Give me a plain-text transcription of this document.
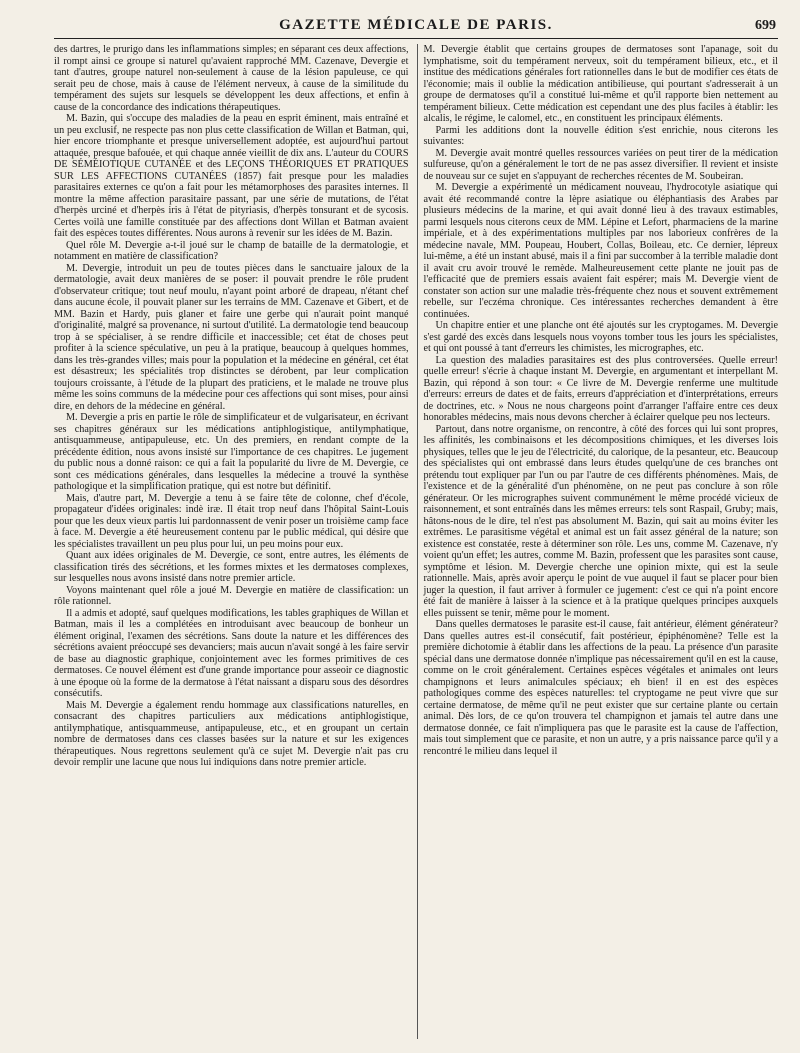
GAZETTE MÉDICALE DE PARIS.	699

des dartres, le prurigo dans les inflammations simples; en séparant ces deux affections, il rompt ainsi ce groupe si naturel qu'avaient rapproché MM. Cazenave, Devergie et tant d'autres, groupe naturel non-seulement à cause de la lésion papuleuse, ce qui serait peu de chose, mais à cause de l'élément nerveux, à cause de la similitude du tempérament des sujets sur lesquels se développent les deux affections, et enfin à cause de la concordance des indications thérapeutiques.

M. Bazin, qui s'occupe des maladies de la peau en esprit éminent, mais entraîné et un peu exclusif, ne respecte pas non plus cette classification de Willan et Batman, qui, hier encore triomphante et presque universellement adoptée, est aujourd'hui partout attaquée, presque bafouée, et qui chaque année vieillit de dix ans. L'auteur du COURS DE SÉMÉIOTIQUE CUTANÉE et des LEÇONS THÉORIQUES ET PRATIQUES SUR LES AFFECTIONS CUTANÉES (1857) fait presque pour les maladies parasitaires externes ce qu'on a fait pour les métamorphoses des parasites internes. Il montre la même affection parasitaire passant, par une série de mutations, de l'état d'herpès urciné et d'herpès iris à l'état de pityriasis, d'herpès tonsurant et de sycosis. Certes voilà une famille constituée par des affections dont Willan et Batman avaient fait des espèces toutes différentes. Nous aurons à revenir sur les idées de M. Bazin.

Quel rôle M. Devergie a-t-il joué sur le champ de bataille de la dermatologie, et notamment en matière de classification?

M. Devergie, introduit un peu de toutes pièces dans le sanctuaire jaloux de la dermatologie, avait deux manières de se poser: il pouvait prendre le rôle prudent d'observateur critique; tout neuf moulu, n'ayant point arboré de drapeau, n'étant chef dans aucune école, il pouvait planer sur les terrains de MM. Cazenave et Gibert, et de MM. Bazin et Hardy, puis glaner et faire une gerbe qui n'aurait point manqué d'originalité, malgré sa provenance, ni surtout d'utilité. La dermatologie tend beaucoup trop à se spécialiser, à se rendre difficile et inaccessible; cet état de choses peut profiter à la science spéculative, un peu à la pratique, beaucoup à quelques hommes, dans les très-grandes villes; mais pour la population et la médecine en général, cet état est désastreux; les spécialités trop distinctes se dérobent, par leur complication toujours croissante, à l'étude de la plupart des praticiens, et le malade ne trouve plus même les soins communs de la médecine pour ces affections qui sont mises, pour ainsi dire, en dehors de la médecine en général.

M. Devergie a pris en partie le rôle de simplificateur et de vulgarisateur, en écrivant ses chapitres généraux sur les médications antiphlogistique, antilymphatique, antisquammeuse, antipapuleuse, etc. Un des premiers, en rendant compte de la précédente édition, nous avons insisté sur l'importance de ces chapitres. Le jugement du public nous a donné raison: ce qui a fait la popularité du livre de M. Devergie, ce sont ces médications générales, dans lesquelles la médecine a trouvé la synthèse pathologique et la simplification pratique, qui est notre but définitif.

Mais, d'autre part, M. Devergie a tenu à se faire tête de colonne, chef d'école, propagateur d'idées originales: indè iræ. Il était trop neuf dans l'hôpital Saint-Louis pour que les deux vieux partis lui pardonnassent de venir poser un troisième camp face à face. M. Devergie a été heureusement contenu par le public médical, qui désire que les spécialistes travaillent un peu plus pour lui, un peu moins pour eux.

Quant aux idées originales de M. Devergie, ce sont, entre autres, les éléments de classification tirés des sécrétions, et les formes mixtes et les dermatoses complexes, sur lesquelles nous avons insisté dans notre premier article.

Voyons maintenant quel rôle a joué M. Devergie en matière de classification: un rôle rationnel.

Il a admis et adopté, sauf quelques modifications, les tables graphiques de Willan et Batman, mais il les a complétées en introduisant avec beaucoup de bonheur un élément original, l'examen des sécrétions. Sans doute la nature et les différences des sécrétions avaient préoccupé ses devanciers; mais aucun n'avait songé à les faire servir de base au diagnostic graphique, conjointement avec les formes primitives de ces dermatoses. Ce nouvel élément est d'une grande importance pour asseoir ce diagnostic à une époque où la forme de la dermatose à l'état naissant a disparu sous des désordres consécutifs.

Mais M. Devergie a également rendu hommage aux classifications naturelles, en consacrant des chapitres particuliers aux médications antiphlogistique, antilymphatique, antisquammeuse, antipapuleuse, etc., et en groupant un certain nombre de dermatoses dans ces classes basées sur la nature et sur les exigences thérapeutiques. Nous regrettons seulement qu'à ce sujet M. Devergie n'ait pas cru devoir remplir une lacune que nous lui indiquions dans notre premier article.

M. Devergie établit que certains groupes de dermatoses sont l'apanage, soit du lymphatisme, soit du tempérament nerveux, soit du tempérament bilieux, etc., et il institue des médications générales fort rationnelles dans le but de modifier ces états de l'économie; mais il oublie la médication antibilieuse, qui pourtant s'adresserait à un groupe de dermatoses qu'il a constitué lui-même et qu'il rapporte bien nettement au tempérament bilieux. Cette médication est cependant une des plus faciles à établir: les alcalis, le régime, le calomel, etc., en constituent les principaux éléments.

Parmi les additions dont la nouvelle édition s'est enrichie, nous citerons les suivantes:

M. Devergie avait montré quelles ressources variées on peut tirer de la médication sulfureuse, qu'on a généralement le tort de ne pas assez diversifier. Il revient et insiste de nouveau sur ce sujet en s'appuyant de recherches récentes de M. Soubeiran.

M. Devergie a expérimenté un médicament nouveau, l'hydrocotyle asiatique qui avait été recommandé contre la lèpre asiatique ou éléphantiasis des Arabes par plusieurs médecins de la marine, et qui avait donné lieu à des travaux estimables, parmi lesquels nous citerons ceux de MM. Lépine et Lefort, pharmaciens de la marine impériale, et à des expérimentations multiples par nos laborieux confrères de la médecine navale, MM. Poupeau, Houbert, Collas, Boileau, etc. Ce dernier, lépreux lui-même, a été un instant abusé, mais il a fini par succomber à la terrible maladie dont il avait cru avoir trouvé le remède. Malheureusement cette plante ne jouit pas de l'efficacité que de premiers essais avaient fait espérer; mais M. Devergie vient de constater son action sur une maladie très-fréquente chez nous et souvent extrêmement rebelle, sur l'eczéma chronique. Ces intéressantes recherches demandent à être continuées.

Un chapitre entier et une planche ont été ajoutés sur les cryptogames. M. Devergie s'est gardé des excès dans lesquels nous voyons tomber tous les jours les spécialistes, et qui ont poussé à tant d'erreurs les chimistes, les micrographes, etc.

La question des maladies parasitaires est des plus controversées. Quelle erreur! quelle erreur! s'écrie à chaque instant M. Devergie, en argumentant et interpellant M. Bazin, qui répond à son tour: « Ce livre de M. Devergie renferme une multitude d'erreurs: erreurs de dates et de faits, erreurs d'appréciation et d'interprétations, erreurs de doctrines, etc. » Nous ne nous chargeons point d'arranger l'affaire entre ces deux honorables médecins, mais nous devons chercher à éclairer quelque peu nos lecteurs.

Partout, dans notre organisme, on rencontre, à côté des forces qui lui sont propres, les affinités, les combinaisons et les décompositions chimiques, et les diverses lois physiques, telles que le jeu de l'électricité, du calorique, de la pesanteur, etc. Beaucoup des spécialistes qui ont embrassé dans leurs études quelqu'une de ces branches ont prétendu tout expliquer par l'un ou par l'autre de ces différents phénomènes. Mais, de l'existence et de la généralité d'un phénomène, on ne peut pas conclure à son rôle générateur. Or les micrographes suivent communément le même procédé vicieux de raisonnement, et sont entraînés dans les mêmes erreurs: tels sont Raspail, Gruby; mais, hâtons-nous de le dire, tel n'est pas absolument M. Bazin, qui sait au moins éviter les extrêmes. Le parasitisme végétal et animal est un fait assez général de la nature; son existence est constatée, reste à déterminer son rôle. Les uns, comme M. Cazenave, n'y voient qu'un effet; les autres, comme M. Bazin, professent que les parasites sont cause, symptôme et lésion. M. Devergie cherche une opinion mixte, qui est la seule rationnelle. Mais, après avoir aperçu le point de vue auquel il faut se placer pour bien juger la question, il faut arriver à formuler ce jugement: c'est ce qui n'a point encore été fait de manière à laisser à la science et à la pratique quelques principes auxquels elles puissent se tenir, même pour le moment.

Dans quelles dermatoses le parasite est-il cause, fait antérieur, élément générateur? Dans quelles autres est-il consécutif, fait postérieur, épiphénomène? Telle est la première dichotomie à établir dans les affections de la peau. La présence d'un parasite spécial dans une dermatose donnée n'implique pas nécessairement qu'il en est la cause, comme on le croit généralement. Certaines espèces végétales et animales ont leurs champignons et leurs animalcules spéciaux; eh bien! il en est des espèces pathologiques comme des espèces naturelles: tel cryptogame ne peut vivre que sur certaine dermatose, de même qu'il ne peut exister que sur certaine plante ou certain animal. Dès lors, de ce qu'on trouvera tel champignon et jamais tel autre dans une dermatose donnée, ce fait n'impliquera pas que le parasite est la cause de l'affection, mais tout simplement que ce parasite, et non un autre, y a pris naissance parce qu'il y a rencontré le milieu dans lequel il
